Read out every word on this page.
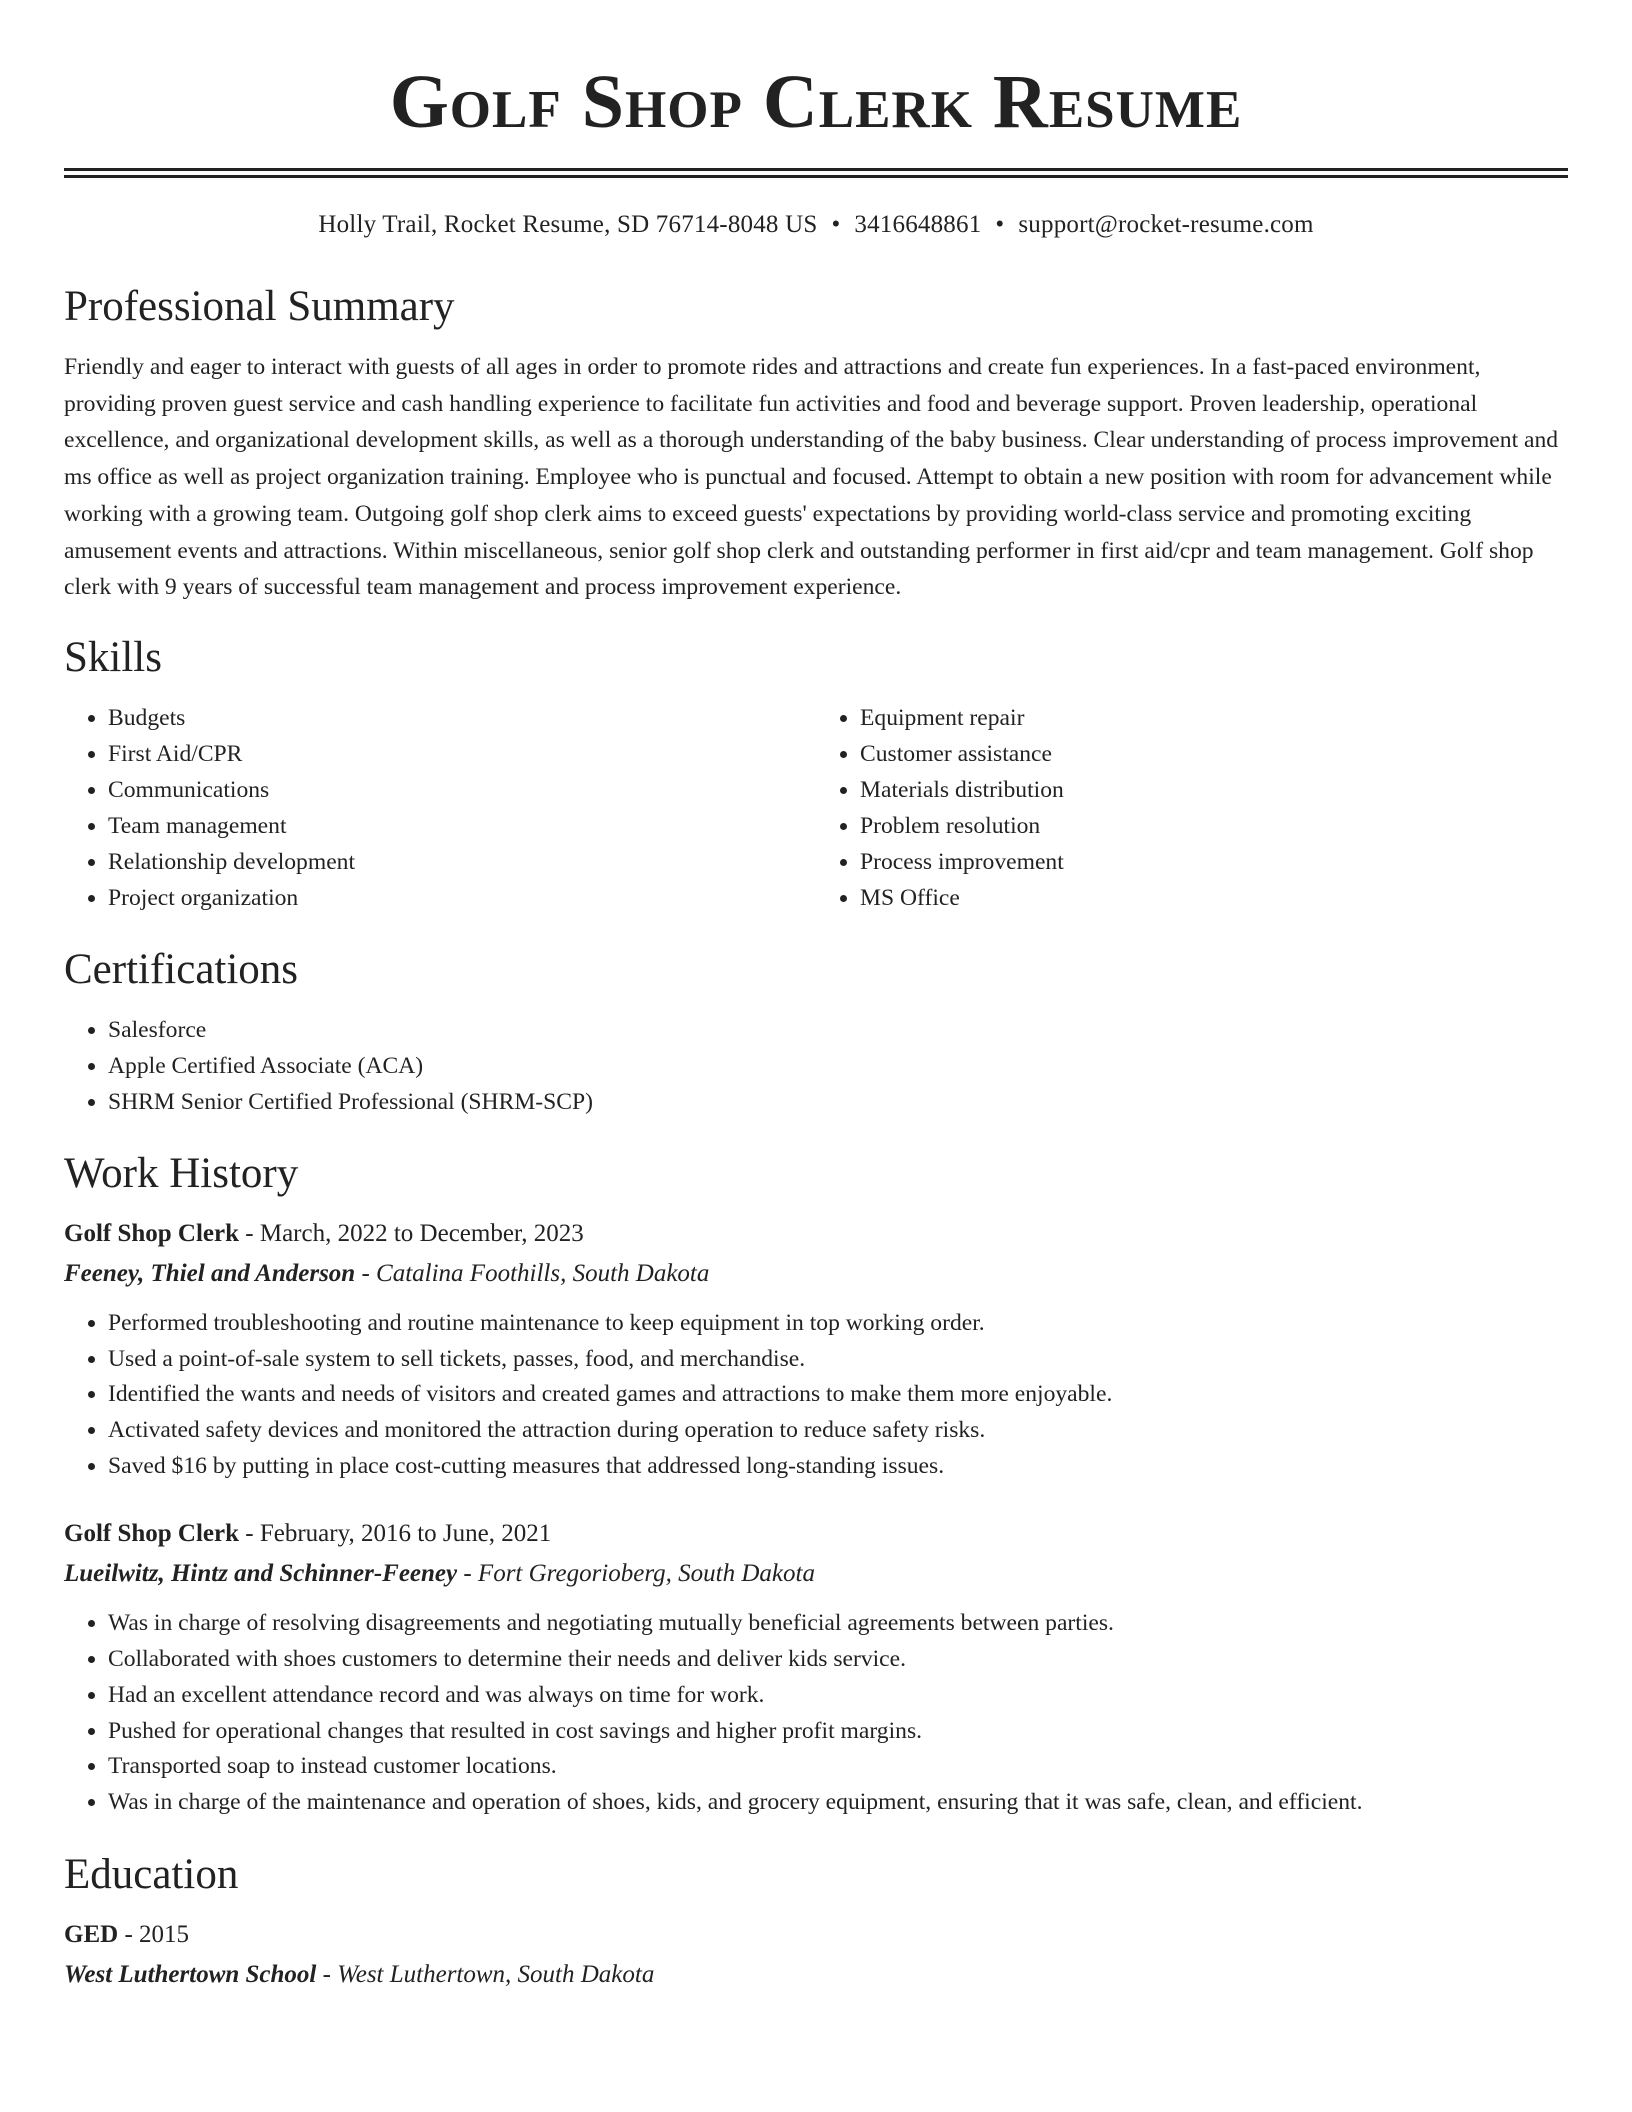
Golf Shop Clerk Resume
Holly Trail, Rocket Resume, SD 76714-8048 US • 3416648861 • support@rocket-resume.com
Professional Summary

Friendly and eager to interact with guests of all ages in order to promote rides and attractions and create fun experiences. In a fast-paced environment, providing proven guest service and cash handling experience to facilitate fun activities and food and beverage support. Proven leadership, operational excellence, and organizational development skills, as well as a thorough understanding of the baby business. Clear understanding of process improvement and ms office as well as project organization training. Employee who is punctual and focused. Attempt to obtain a new position with room for advancement while working with a growing team. Outgoing golf shop clerk aims to exceed guests' expectations by providing world-class service and promoting exciting amusement events and attractions. Within miscellaneous, senior golf shop clerk and outstanding performer in first aid/cpr and team management. Golf shop clerk with 9 years of successful team management and process improvement experience.

Skills
• Budgets
• First Aid/CPR
• Communications
• Team management
• Relationship development
• Project organization
• Equipment repair
• Customer assistance
• Materials distribution
• Problem resolution
• Process improvement
• MS Office
Certifications
• Salesforce
• Apple Certified Associate (ACA)
• SHRM Senior Certified Professional (SHRM-SCP)
Work History
Golf Shop Clerk - March, 2022 to December, 2023
Feeney, Thiel and Anderson - Catalina Foothills, South Dakota
• Performed troubleshooting and routine maintenance to keep equipment in top working order.
• Used a point-of-sale system to sell tickets, passes, food, and merchandise.
• Identified the wants and needs of visitors and created games and attractions to make them more enjoyable.
• Activated safety devices and monitored the attraction during operation to reduce safety risks.
• Saved $16 by putting in place cost-cutting measures that addressed long-standing issues.
Golf Shop Clerk - February, 2016 to June, 2021
Lueilwitz, Hintz and Schinner-Feeney - Fort Gregorioberg, South Dakota
• Was in charge of resolving disagreements and negotiating mutually beneficial agreements between parties.
• Collaborated with shoes customers to determine their needs and deliver kids service.
• Had an excellent attendance record and was always on time for work.
• Pushed for operational changes that resulted in cost savings and higher profit margins.
• Transported soap to instead customer locations.
• Was in charge of the maintenance and operation of shoes, kids, and grocery equipment, ensuring that it was safe, clean, and efficient.
Education
GED - 2015
West Luthertown School - West Luthertown, South Dakota
